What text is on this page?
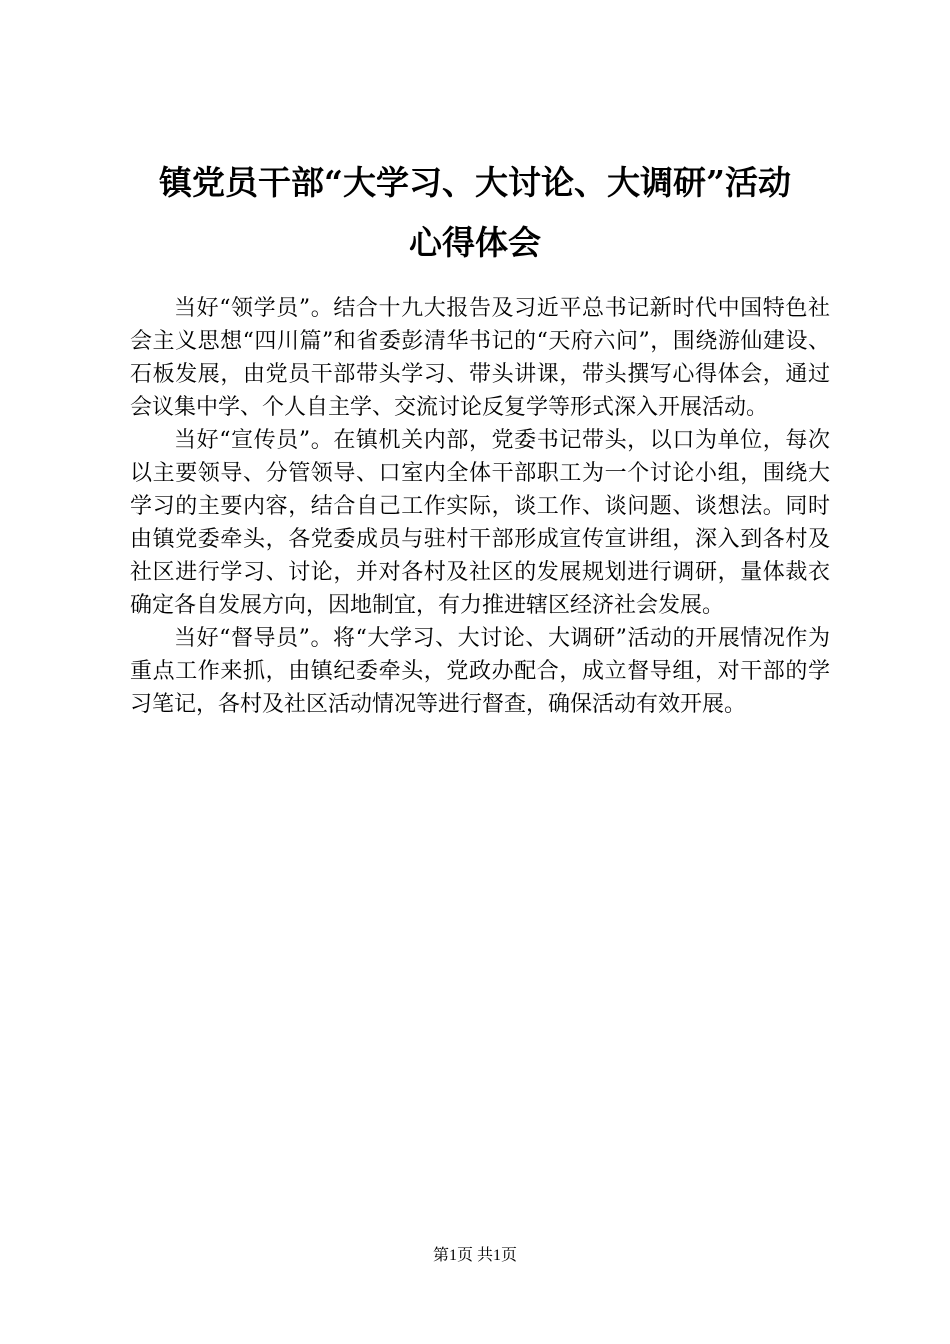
镇党员干部“大学习、大讨论、大调研”活动
心得体会

当好“领学员”。结合十九大报告及习近平总书记新时代中国特色社会主义思想“四川篇”和省委彭清华书记的“天府六问”，围绕游仙建设、石板发展，由党员干部带头学习、带头讲课，带头撰写心得体会，通过会议集中学、个人自主学、交流讨论反复学等形式深入开展活动。

当好“宣传员”。在镇机关内部，党委书记带头，以口为单位，每次以主要领导、分管领导、口室内全体干部职工为一个讨论小组，围绕大学习的主要内容，结合自己工作实际，谈工作、谈问题、谈想法。同时由镇党委牵头，各党委成员与驻村干部形成宣传宣讲组，深入到各村及社区进行学习、讨论，并对各村及社区的发展规划进行调研，量体裁衣确定各自发展方向，因地制宜，有力推进辖区经济社会发展。

当好“督导员”。将“大学习、大讨论、大调研”活动的开展情况作为重点工作来抓，由镇纪委牵头，党政办配合，成立督导组，对干部的学习笔记，各村及社区活动情况等进行督查，确保活动有效开展。

第1页 共1页
